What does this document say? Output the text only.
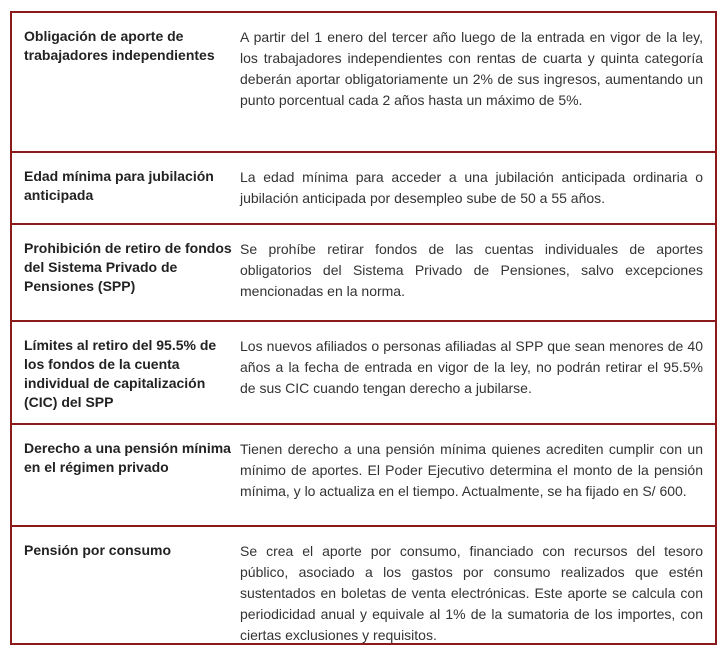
Obligación de aporte de trabajadores independientes
A partir del 1 enero del tercer año luego de la entrada en vigor de la ley, los trabajadores independientes con rentas de cuarta y quinta categoría deberán aportar obligatoriamente un 2% de sus ingresos, aumentando un punto porcentual cada 2 años hasta un máximo de 5%.
Edad mínima para jubilación anticipada
La edad mínima para acceder a una jubilación anticipada ordinaria o jubilación anticipada por desempleo sube de 50 a 55 años.
Prohibición de retiro de fondos del Sistema Privado de Pensiones (SPP)
Se prohíbe retirar fondos de las cuentas individuales de aportes obligatorios del Sistema Privado de Pensiones, salvo excepciones mencionadas en la norma.
Límites al retiro del 95.5% de los fondos de la cuenta individual de capitalización (CIC) del SPP
Los nuevos afiliados o personas afiliadas al SPP que sean menores de 40 años a la fecha de entrada en vigor de la ley, no podrán retirar el 95.5% de sus CIC cuando tengan derecho a jubilarse.
Derecho a una pensión mínima en el régimen privado
Tienen derecho a una pensión mínima quienes acrediten cumplir con un mínimo de aportes. El Poder Ejecutivo determina el monto de la pensión mínima, y lo actualiza en el tiempo. Actualmente, se ha fijado en S/ 600.
Pensión por consumo	Se crea el aporte por consumo, financiado con recursos del tesoro público, asociado a los gastos por consumo realizados que estén sustentados en boletas de venta electrónicas. Este aporte se calcula con periodicidad anual y equivale al 1% de la sumatoria de los importes, con ciertas exclusiones y requisitos.
